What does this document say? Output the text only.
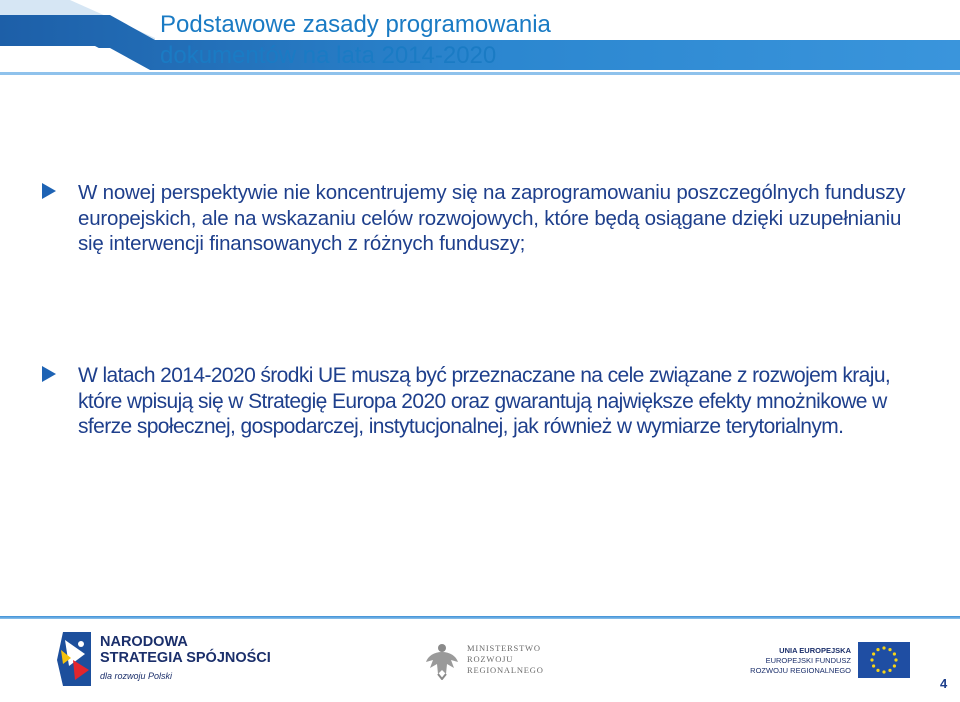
Podstawowe zasady programowania
dokumentów na lata 2014-2020
W nowej perspektywie nie koncentrujemy się na zaprogramowaniu poszczególnych funduszy europejskich, ale na wskazaniu celów rozwojowych, które będą osiągane dzięki uzupełnianiu się interwencji finansowanych z różnych funduszy;
W latach 2014-2020 środki UE muszą być przeznaczane na cele związane z rozwojem kraju, które wpisują się w Strategię Europa 2020 oraz gwarantują największe efekty mnożnikowe w sferze społecznej, gospodarczej, instytucjonalnej, jak również w wymiarze terytorialnym.
NARODOWA
STRATEGIA SPÓJNOŚCI
dla rozwoju Polski
MINISTERSTWO
ROZWOJU
REGIONALNEGO
UNIA EUROPEJSKA
EUROPEJSKI FUNDUSZ
ROZWOJU REGIONALNEGO
4
